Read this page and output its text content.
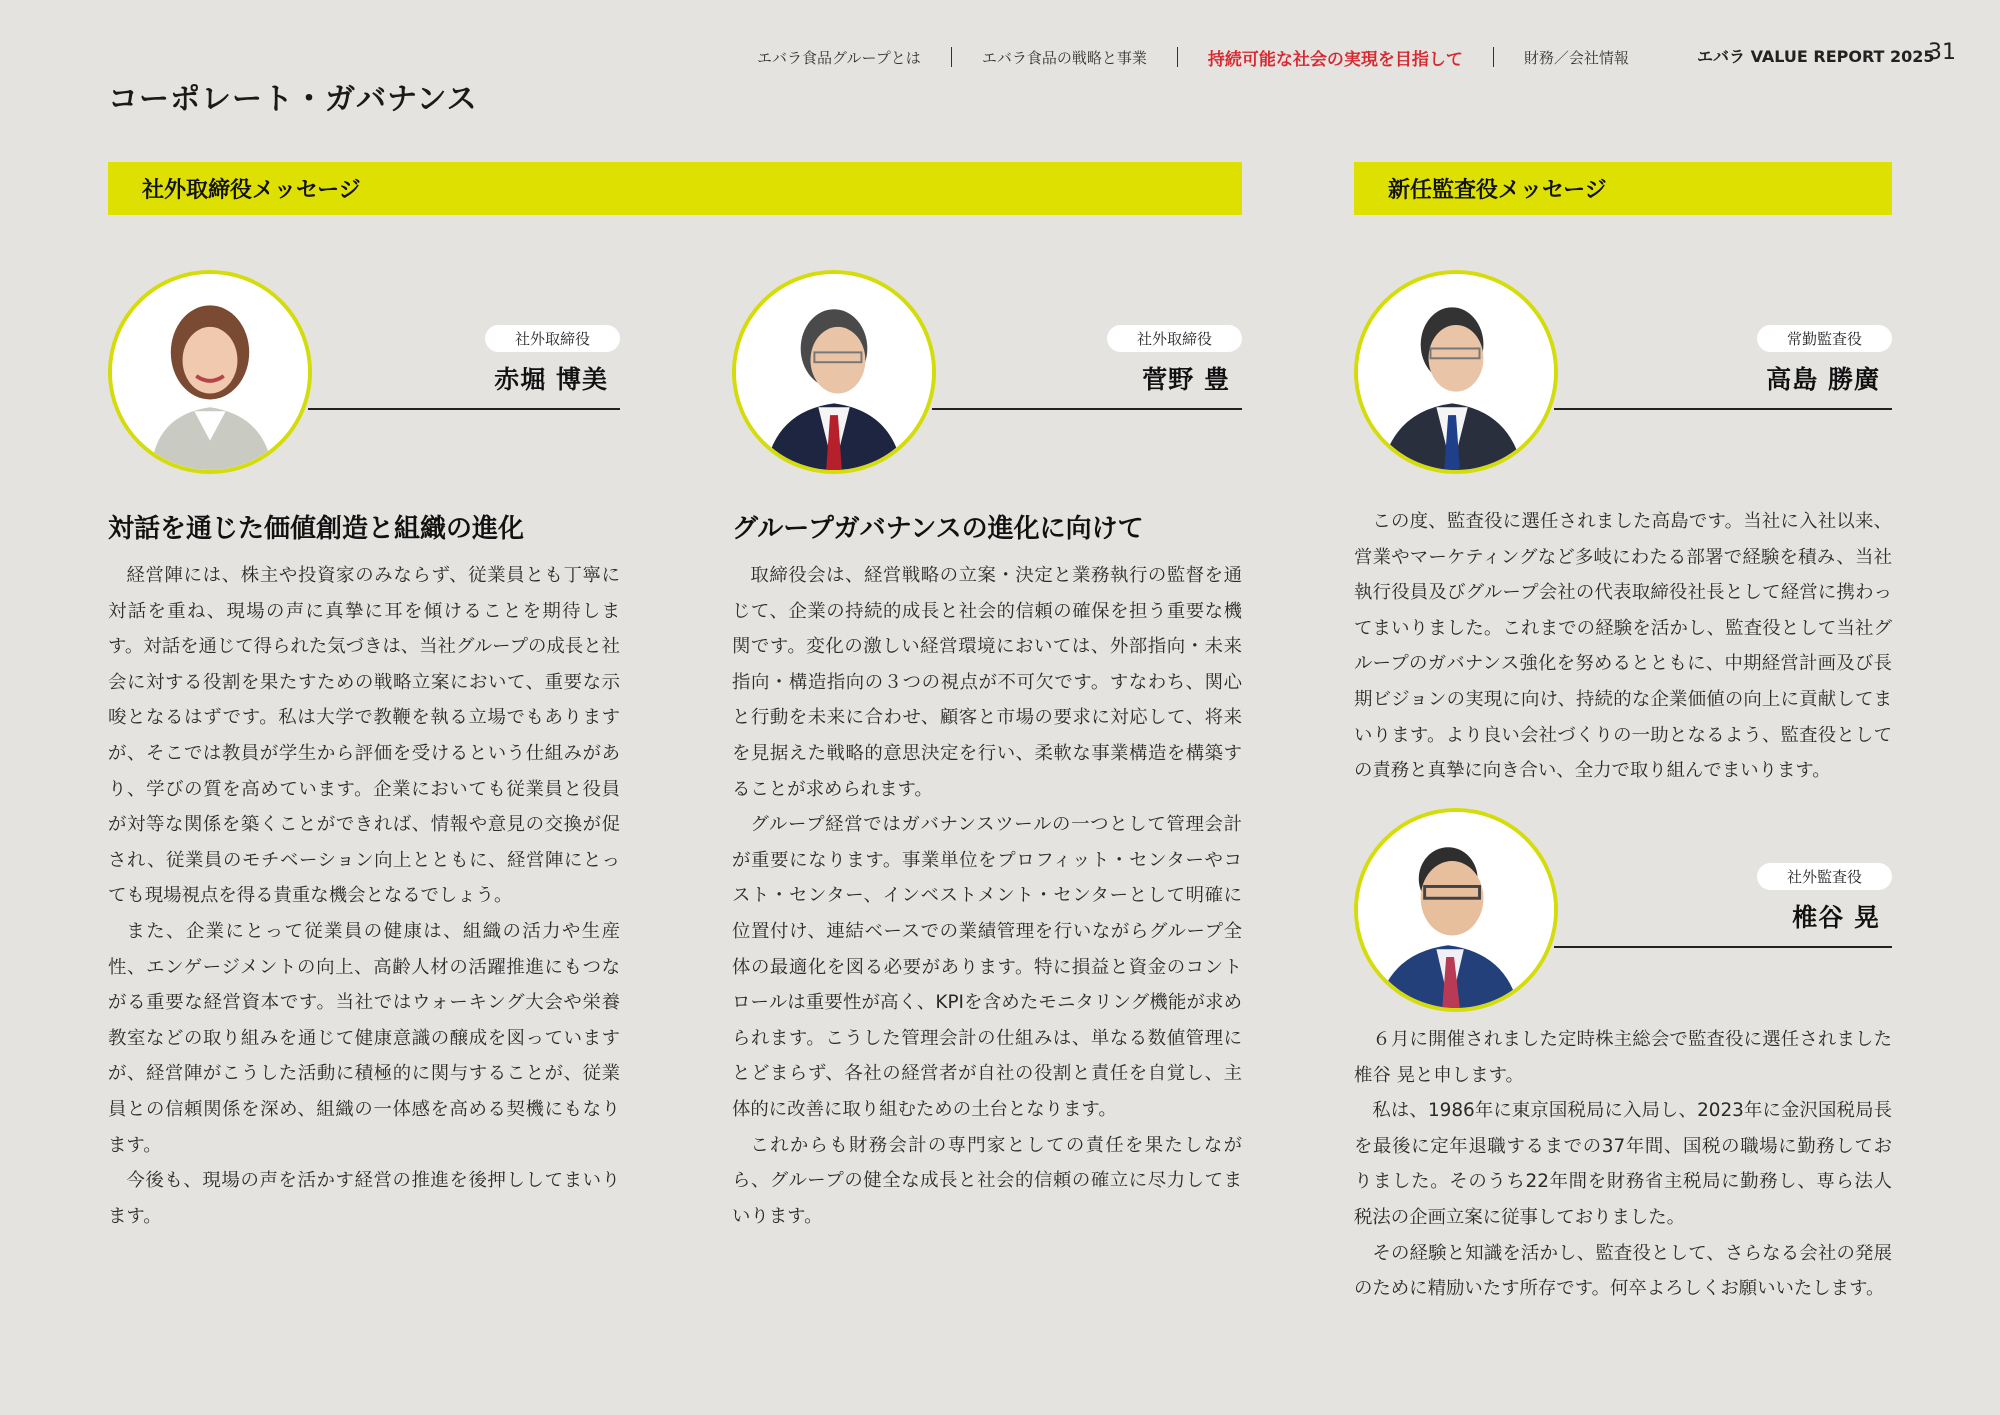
エバラ食品グループとは	エバラ食品の戦略と事業	持続可能な社会の実現を目指して	財務／会社情報	エバラ VALUE REPORT 2025
31
コーポレート・ガバナンス
社外取締役メッセージ	新任監査役メッセージ
社外取締役
赤堀 博美
対話を通じた価値創造と組織の進化

経営陣には、株主や投資家のみならず、従業員とも丁寧に対話を重ね、現場の声に真摯に耳を傾けることを期待します。対話を通じて得られた気づきは、当社グループの成長と社会に対する役割を果たすための戦略立案において、重要な示唆となるはずです。私は大学で教鞭を執る立場でもありますが、そこでは教員が学生から評価を受けるという仕組みがあり、学びの質を高めています。企業においても従業員と役員が対等な関係を築くことができれば、情報や意見の交換が促され、従業員のモチベーション向上とともに、経営陣にとっても現場視点を得る貴重な機会となるでしょう。

また、企業にとって従業員の健康は、組織の活力や生産性、エンゲージメントの向上、高齢人材の活躍推進にもつながる重要な経営資本です。当社ではウォーキング大会や栄養教室などの取り組みを通じて健康意識の醸成を図っていますが、経営陣がこうした活動に積極的に関与することが、従業員との信頼関係を深め、組織の一体感を高める契機にもなります。

今後も、現場の声を活かす経営の推進を後押ししてまいります。

社外取締役
菅野 豊
グループガバナンスの進化に向けて

取締役会は、経営戦略の立案・決定と業務執行の監督を通じて、企業の持続的成長と社会的信頼の確保を担う重要な機関です。変化の激しい経営環境においては、外部指向・未来指向・構造指向の３つの視点が不可欠です。すなわち、関心と行動を未来に合わせ、顧客と市場の要求に対応して、将来を見据えた戦略的意思決定を行い、柔軟な事業構造を構築することが求められます。

グループ経営ではガバナンスツールの一つとして管理会計が重要になります。事業単位をプロフィット・センターやコスト・センター、インベストメント・センターとして明確に位置付け、連結ベースでの業績管理を行いながらグループ全体の最適化を図る必要があります。特に損益と資金のコントロールは重要性が高く、KPIを含めたモニタリング機能が求められます。こうした管理会計の仕組みは、単なる数値管理にとどまらず、各社の経営者が自社の役割と責任を自覚し、主体的に改善に取り組むための土台となります。

これからも財務会計の専門家としての責任を果たしながら、グループの健全な成長と社会的信頼の確立に尽力してまいります。

常勤監査役
高島 勝廣

この度、監査役に選任されました高島です。当社に入社以来、営業やマーケティングなど多岐にわたる部署で経験を積み、当社執行役員及びグループ会社の代表取締役社長として経営に携わってまいりました。これまでの経験を活かし、監査役として当社グループのガバナンス強化を努めるとともに、中期経営計画及び長期ビジョンの実現に向け、持続的な企業価値の向上に貢献してまいります。より良い会社づくりの一助となるよう、監査役としての責務と真摯に向き合い、全力で取り組んでまいります。

社外監査役
椎谷 晃

６月に開催されました定時株主総会で監査役に選任されました椎谷 晃と申します。

私は、1986年に東京国税局に入局し、2023年に金沢国税局長を最後に定年退職するまでの37年間、国税の職場に勤務しておりました。そのうち22年間を財務省主税局に勤務し、専ら法人税法の企画立案に従事しておりました。

その経験と知識を活かし、監査役として、さらなる会社の発展のために精励いたす所存です。何卒よろしくお願いいたします。
